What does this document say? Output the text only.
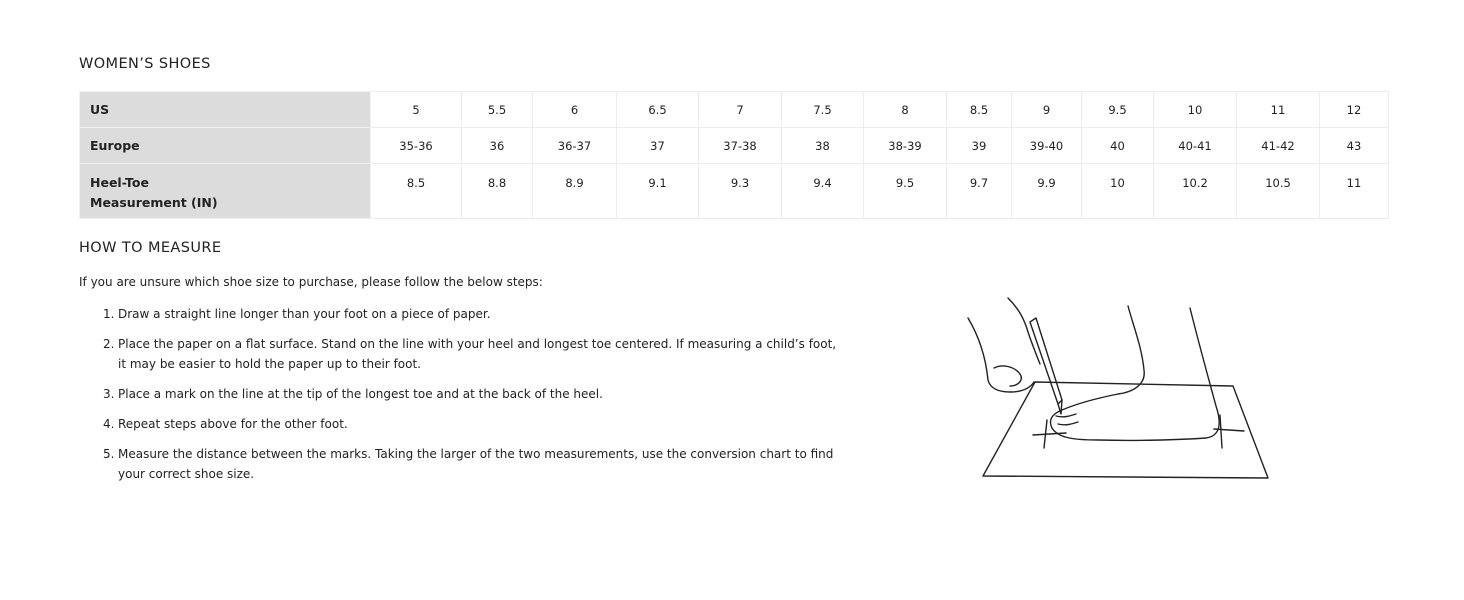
WOMEN’S SHOES
US	5	5.5	6	6.5	7	7.5	8	8.5	9	9.5	10	11	12
Europe	35-36	36	36-37	37	37-38	38	38-39	39	39-40	40	40-41	41-42	43

Heel-Toe
Measurement (IN)	8.5	8.8	8.9	9.1	9.3	9.4	9.5	9.7	9.9	10	10.2	10.5	11
HOW TO MEASURE
If you are unsure which shoe size to purchase, please follow the below steps:
1. Draw a straight line longer than your foot on a piece of paper.
2. Place the paper on a flat surface. Stand on the line with your heel and longest toe centered. If measuring a child’s foot, it may be easier to hold the paper up to their foot.
3. Place a mark on the line at the tip of the longest toe and at the back of the heel.
4. Repeat steps above for the other foot.
5. Measure the distance between the marks. Taking the larger of the two measurements, use the conversion chart to find your correct shoe size.
